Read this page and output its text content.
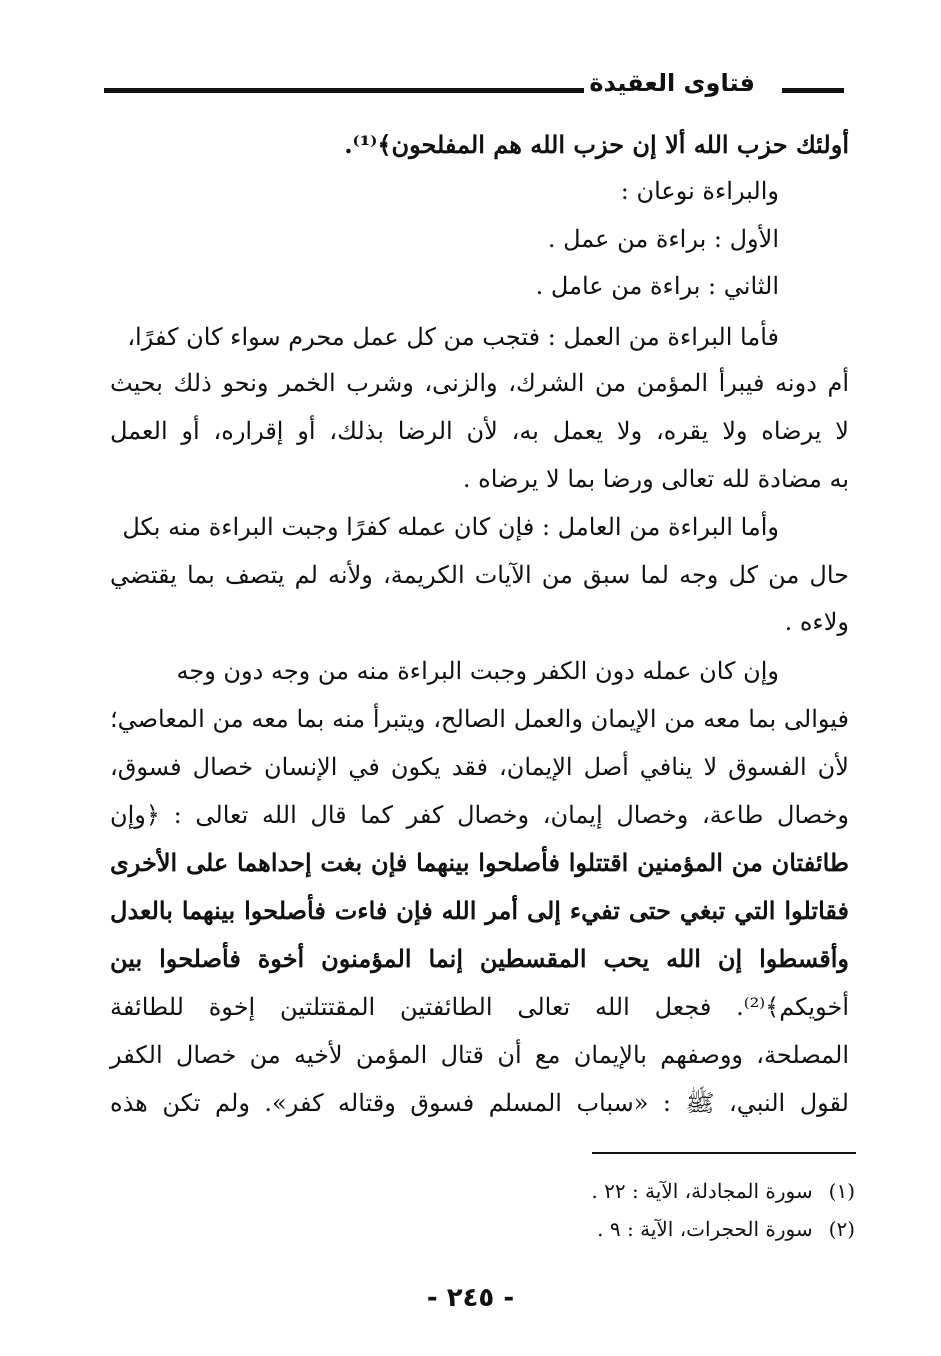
فتاوى العقيدة
أولئك حزب الله ألا إن حزب الله هم المفلحون﴾⁽¹⁾.
والبراءة نوعان :
الأول : براءة من عمل .
الثاني : براءة من عامل .
فأما البراءة من العمل : فتجب من كل عمل محرم سواء كان كفرًا،
أم دونه فيبرأ المؤمن من الشرك، والزنى، وشرب الخمر ونحو ذلك بحيث
لا يرضاه ولا يقره، ولا يعمل به، لأن الرضا بذلك، أو إقراره، أو العمل
به مضادة لله تعالى ورضا بما لا يرضاه .
وأما البراءة من العامل : فإن كان عمله كفرًا وجبت البراءة منه بكل
حال من كل وجه لما سبق من الآيات الكريمة، ولأنه لم يتصف بما يقتضي
ولاءه .
وإن كان عمله دون الكفر وجبت البراءة منه من وجه دون وجه
فيوالى بما معه من الإيمان والعمل الصالح، ويتبرأ منه بما معه من المعاصي؛
لأن الفسوق لا ينافي أصل الإيمان، فقد يكون في الإنسان خصال فسوق،
وخصال طاعة، وخصال إيمان، وخصال كفر كما قال الله تعالى : ﴿وإن
طائفتان من المؤمنين اقتتلوا فأصلحوا بينهما فإن بغت إحداهما على الأخرى
فقاتلوا التي تبغي حتى تفيء إلى أمر الله فإن فاءت فأصلحوا بينهما بالعدل
وأقسطوا إن الله يحب المقسطين إنما المؤمنون أخوة فأصلحوا بين
أخويكم﴾⁽²⁾. فجعل الله تعالى الطائفتين المقتتلتين إخوة للطائفة
المصلحة، ووصفهم بالإيمان مع أن قتال المؤمن لأخيه من خصال الكفر
لقول النبي، ﷺ : «سباب المسلم فسوق وقتاله كفر». ولم تكن هذه
(١) سورة المجادلة، الآية : ٢٢ .
(٢) سورة الحجرات، الآية : ٩ .
- ٢٤٥ -
